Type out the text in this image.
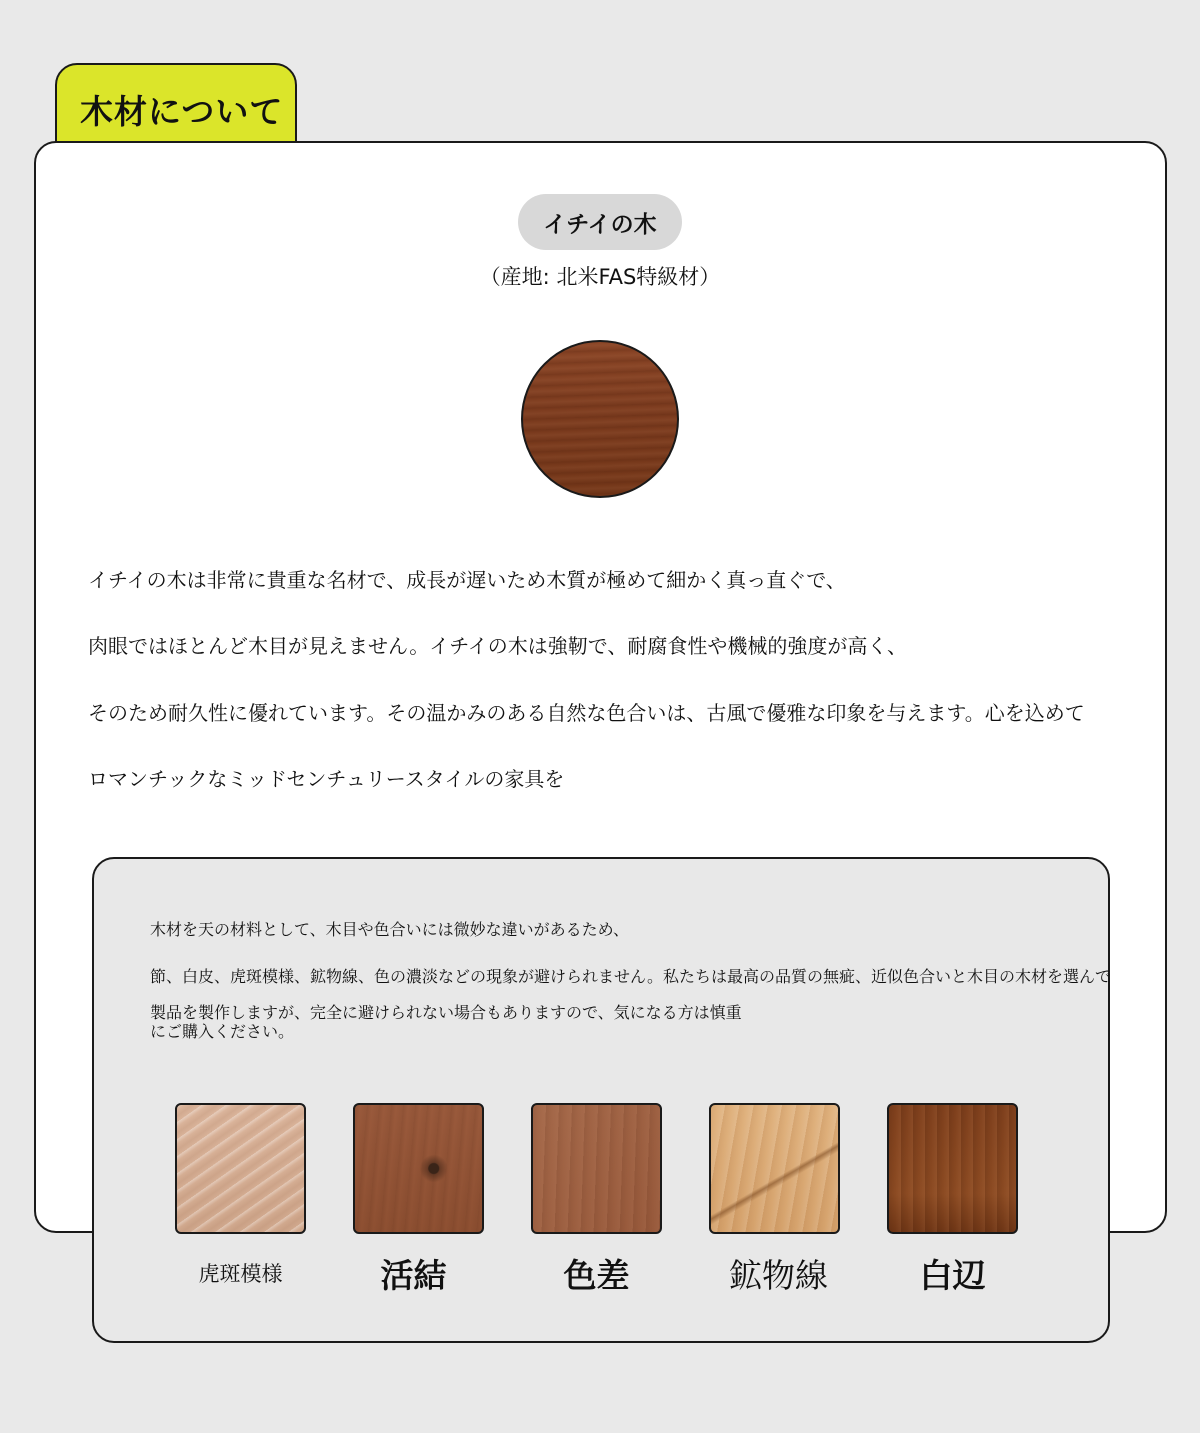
木材について
イチイの木
（産地: 北米FAS特級材）
イチイの木は非常に貴重な名材で、成長が遅いため木質が極めて細かく真っ直ぐで、
肉眼ではほとんど木目が見えません。イチイの木は強靭で、耐腐食性や機械的強度が高く、
そのため耐久性に優れています。その温かみのある自然な色合いは、古風で優雅な印象を与えます。心を込めて
ロマンチックなミッドセンチュリースタイルの家具を
木材を天の材料として、木目や色合いには微妙な違いがあるため、
節、白皮、虎斑模様、鉱物線、色の濃淡などの現象が避けられません。私たちは最高の品質の無疵、近似色合いと木目の木材を選んで
製品を製作しますが、完全に避けられない場合もありますので、気になる方は慎重
にご購入ください。
虎斑模様	活結	色差	鉱物線	白辺
